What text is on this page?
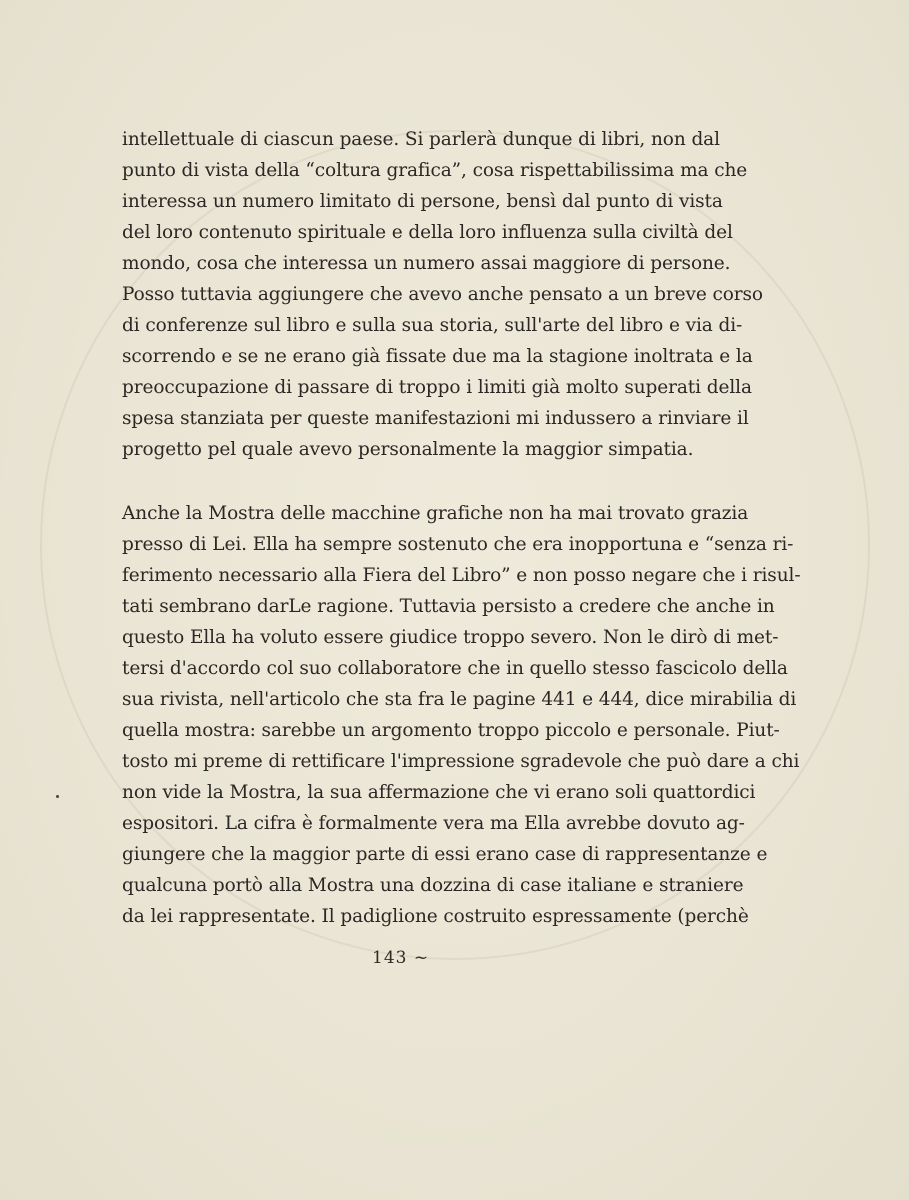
intellettuale di ciascun paese. Si parlerà dunque di libri, non dal
punto di vista della “coltura grafica”, cosa rispettabilissima ma che
interessa un numero limitato di persone, bensì dal punto di vista
del loro contenuto spirituale e della loro influenza sulla civiltà del
mondo, cosa che interessa un numero assai maggiore di persone.
Posso tuttavia aggiungere che avevo anche pensato a un breve corso
di conferenze sul libro e sulla sua storia, sull'arte del libro e via di-
scorrendo e se ne erano già fissate due ma la stagione inoltrata e la
preoccupazione di passare di troppo i limiti già molto superati della
spesa stanziata per queste manifestazioni mi indussero a rinviare il
progetto pel quale avevo personalmente la maggior simpatia.
Anche la Mostra delle macchine grafiche non ha mai trovato grazia
presso di Lei. Ella ha sempre sostenuto che era inopportuna e “senza ri-
ferimento necessario alla Fiera del Libro” e non posso negare che i risul-
tati sembrano darLe ragione. Tuttavia persisto a credere che anche in
questo Ella ha voluto essere giudice troppo severo. Non le dirò di met-
tersi d'accordo col suo collaboratore che in quello stesso fascicolo della
sua rivista, nell'articolo che sta fra le pagine 441 e 444, dice mirabilia di
quella mostra: sarebbe un argomento troppo piccolo e personale. Piut-
tosto mi preme di rettificare l'impressione sgradevole che può dare a chi
non vide la Mostra, la sua affermazione che vi erano soli quattordici
espositori. La cifra è formalmente vera ma Ella avrebbe dovuto ag-
giungere che la maggior parte di essi erano case di rappresentanze e
qualcuna portò alla Mostra una dozzina di case italiane e straniere
da lei rappresentate. Il padiglione costruito espressamente (perchè
143 ~
